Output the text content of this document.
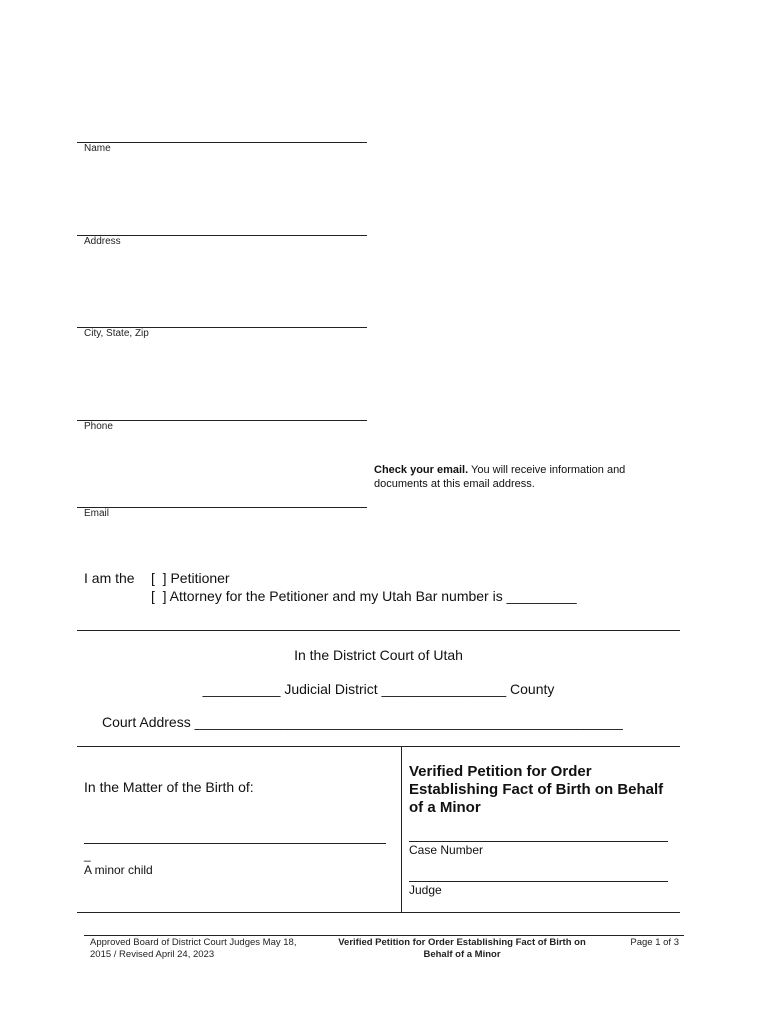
Name
Address
City, State, Zip
Phone
Check your email. You will receive information and documents at this email address.
Email
I am the [  ] Petitioner
[  ] Attorney for the Petitioner and my Utah Bar number is _________
In the District Court of Utah
__________ Judicial District ________________ County
Court Address _______________________________________________________
In the Matter of the Birth of:
_
A minor child
Verified Petition for Order Establishing Fact of Birth on Behalf of a Minor
Case Number
Judge
Approved Board of District Court Judges May 18, 2015 / Revised April 24, 2023
Verified Petition for Order Establishing Fact of Birth on Behalf of a Minor
Page 1 of 3
